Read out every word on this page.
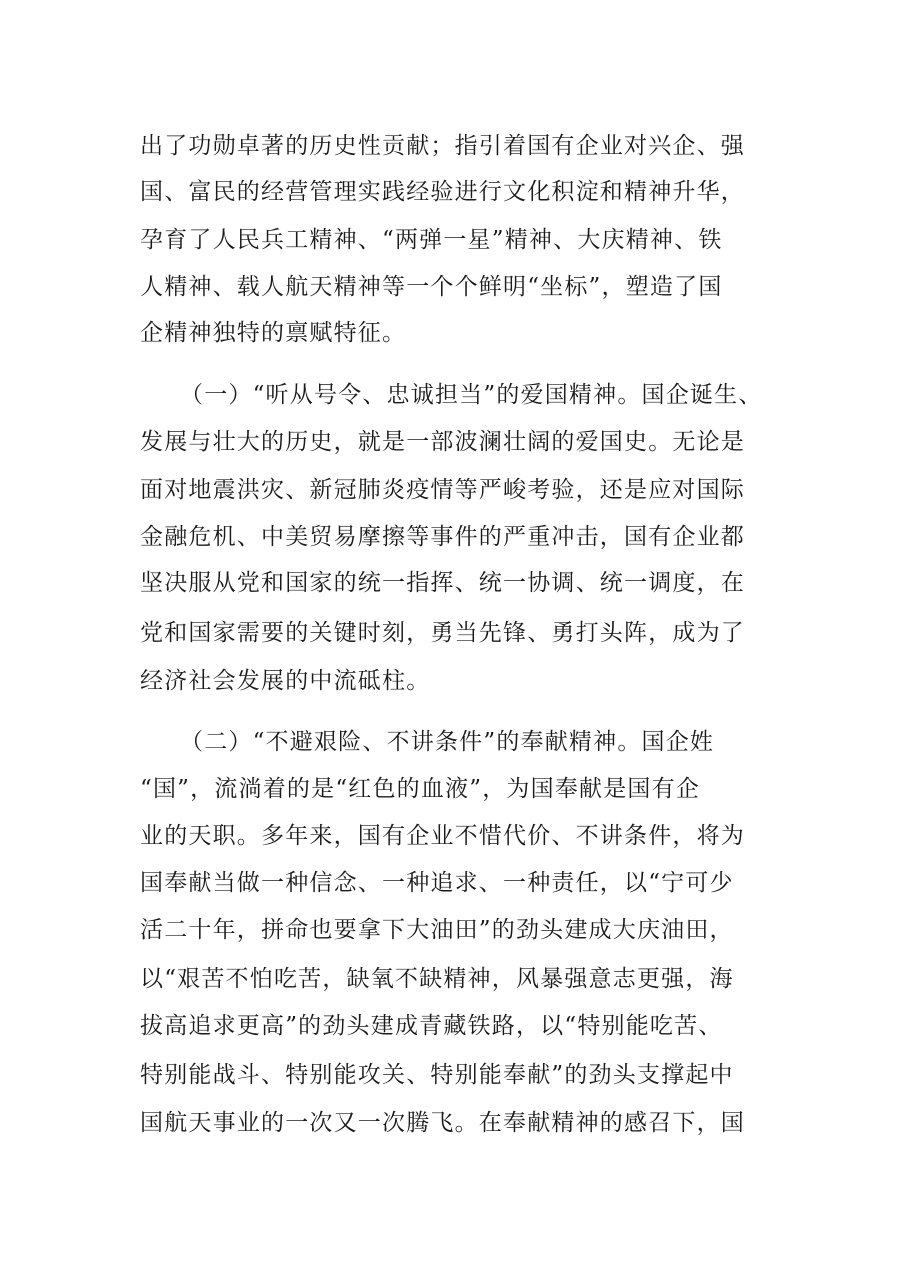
出了功勋卓著的历史性贡献；指引着国有企业对兴企、强
国、富民的经营管理实践经验进行文化积淀和精神升华，
孕育了人民兵工精神、“两弹一星”精神、大庆精神、铁
人精神、载人航天精神等一个个鲜明“坐标”，塑造了国
企精神独特的禀赋特征。
（一）“听从号令、忠诚担当”的爱国精神。国企诞生、
发展与壮大的历史，就是一部波澜壮阔的爱国史。无论是
面对地震洪灾、新冠肺炎疫情等严峻考验，还是应对国际
金融危机、中美贸易摩擦等事件的严重冲击，国有企业都
坚决服从党和国家的统一指挥、统一协调、统一调度，在
党和国家需要的关键时刻，勇当先锋、勇打头阵，成为了
经济社会发展的中流砥柱。
（二）“不避艰险、不讲条件”的奉献精神。国企姓
“国”，流淌着的是“红色的血液”，为国奉献是国有企
业的天职。多年来，国有企业不惜代价、不讲条件，将为
国奉献当做一种信念、一种追求、一种责任，以“宁可少
活二十年，拼命也要拿下大油田”的劲头建成大庆油田，
以“艰苦不怕吃苦，缺氧不缺精神，风暴强意志更强，海
拔高追求更高”的劲头建成青藏铁路，以“特别能吃苦、
特别能战斗、特别能攻关、特别能奉献”的劲头支撑起中
国航天事业的一次又一次腾飞。在奉献精神的感召下，国
